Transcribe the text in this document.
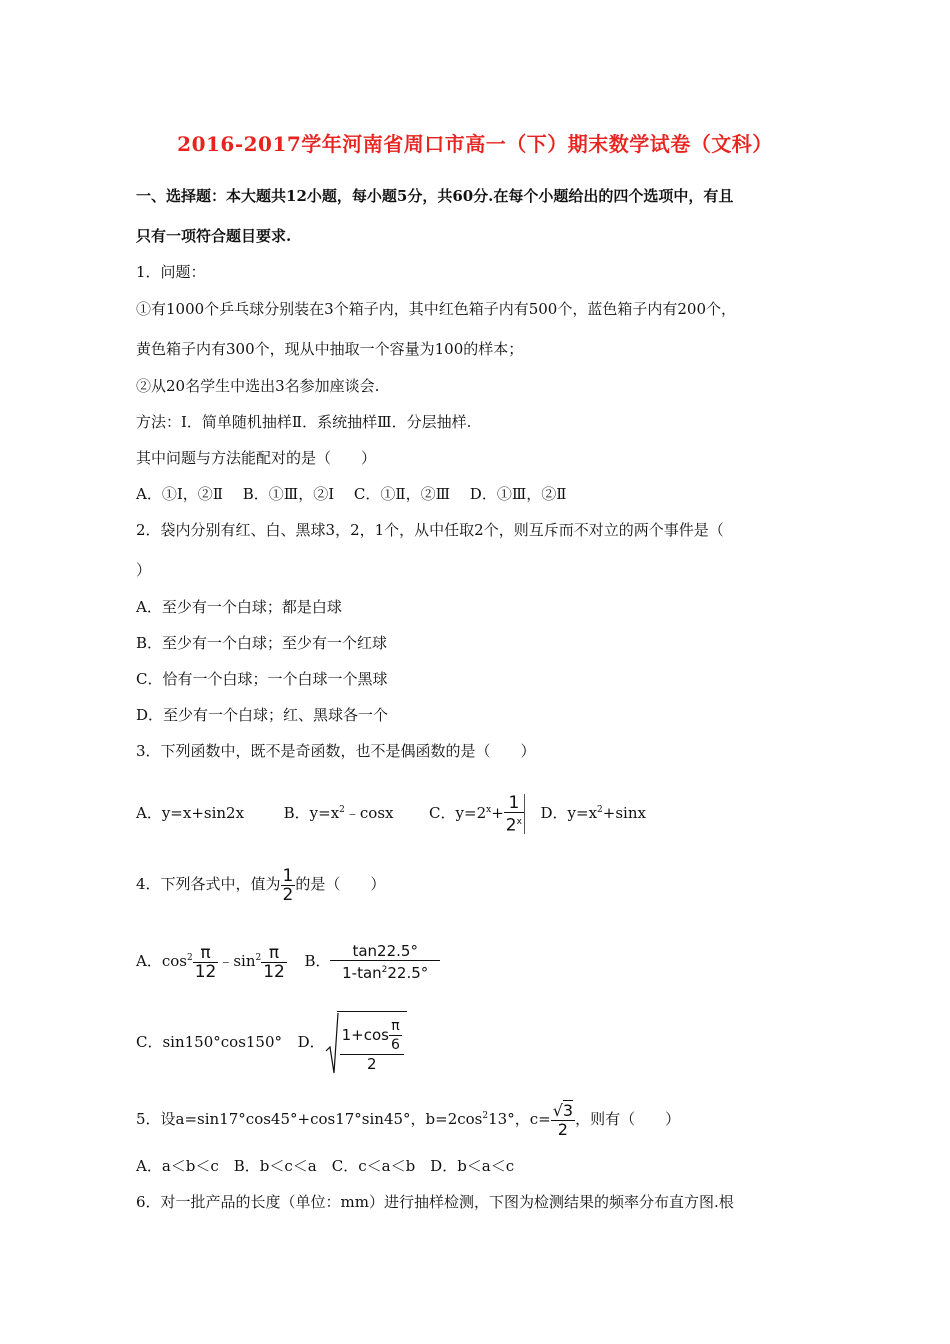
2016-2017学年河南省周口市高一（下）期末数学试卷（文科）
一、选择题：本大题共12小题，每小题5分，共60分.在每个小题给出的四个选项中，有且
只有一项符合题目要求.
1．问题：
①有1000个乒乓球分别装在3个箱子内，其中红色箱子内有500个，蓝色箱子内有200个，
黄色箱子内有300个，现从中抽取一个容量为100的样本；
②从20名学生中选出3名参加座谈会.
方法：Ⅰ．简单随机抽样Ⅱ．系统抽样Ⅲ．分层抽样.
其中问题与方法能配对的是（　　）
A．①Ⅰ，②Ⅱ　 B．①Ⅲ，②Ⅰ　 C．①Ⅱ，②Ⅲ　 D．①Ⅲ，②Ⅱ
2．袋内分别有红、白、黑球3，2，1个，从中任取2个，则互斥而不对立的两个事件是（
）
A．至少有一个白球；都是白球
B．至少有一个白球；至少有一个红球
C．恰有一个白球；一个白球一个黑球
D．至少有一个白球；红、黑球各一个
3．下列函数中，既不是奇函数，也不是偶函数的是（　　）
A．y=x+sin2x	B．$y=x^2﹣\cos x$ C．$y=2^x+ \frac{1}{2^x}$ D．$y=x^2+\sin x$
4．下列各式中，值为 $\frac{1}{2}$ 的是（　　）
A．$\cos^2 \frac{\pi}{12}$ $﹣\sin^2 \frac{\pi}{12}$ B． $\frac{\tan 22.5^\circ}{1-\tan^222.5^\circ}$
C．sin150°cos150° D． $\frac{1+\cos \frac{\pi}{6}}{2}$
5．设a=sin17°cos45°+cos17°sin45°，$b=2\cos^213^\circ$，$c= \frac{√3}{2}$ ，则有（　　）
A．a＜b＜c　B．b＜c＜a　C．c＜a＜b　D．b＜a＜c
6．对一批产品的长度（单位：mm）进行抽样检测，下图为检测结果的频率分布直方图.根
